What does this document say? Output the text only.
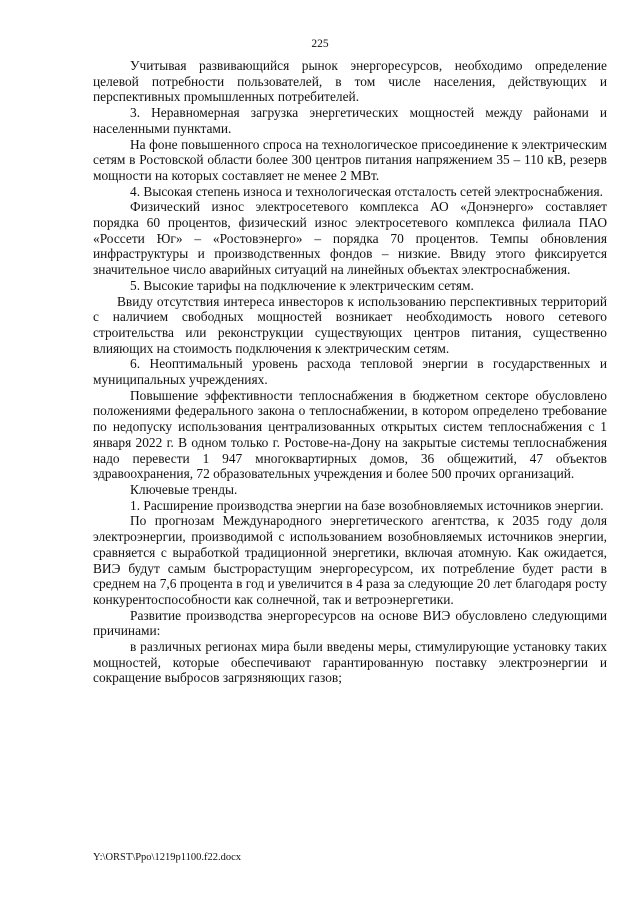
225

Учитывая развивающийся рынок энергоресурсов, необходимо определение целевой потребности пользователей, в том числе населения, действующих и перспективных промышленных потребителей.

3. Неравномерная загрузка энергетических мощностей между районами и населенными пунктами.

На фоне повышенного спроса на технологическое присоединение к электрическим сетям в Ростовской области более 300 центров питания напряжением 35 – 110 кВ, резерв мощности на которых составляет не менее 2 МВт.

4. Высокая степень износа и технологическая отсталость сетей электроснабжения.

Физический износ электросетевого комплекса АО «Донэнерго» составляет порядка 60 процентов, физический износ электросетевого комплекса филиала ПАО «Россети Юг» – «Ростовэнерго» – порядка 70 процентов. Темпы обновления инфраструктуры и производственных фондов – низкие. Ввиду этого фиксируется значительное число аварийных ситуаций на линейных объектах электроснабжения.

5. Высокие тарифы на подключение к электрическим сетям.

Ввиду отсутствия интереса инвесторов к использованию перспективных территорий с наличием свободных мощностей возникает необходимость нового сетевого строительства или реконструкции существующих центров питания, существенно влияющих на стоимость подключения к электрическим сетям.

6. Неоптимальный уровень расхода тепловой энергии в государственных и муниципальных учреждениях.

Повышение эффективности теплоснабжения в бюджетном секторе обусловлено положениями федерального закона о теплоснабжении, в котором определено требование по недопуску использования централизованных открытых систем теплоснабжения с 1 января 2022 г. В одном только г. Ростове-на-Дону на закрытые системы теплоснабжения надо перевести 1 947 многоквартирных домов, 36 общежитий, 47 объектов здравоохранения, 72 образовательных учреждения и более 500 прочих организаций.

Ключевые тренды.

1. Расширение производства энергии на базе возобновляемых источников энергии.

По прогнозам Международного энергетического агентства, к 2035 году доля электроэнергии, производимой с использованием возобновляемых источников энергии, сравняется с выработкой традиционной энергетики, включая атомную. Как ожидается, ВИЭ будут самым быстрорастущим энергоресурсом, их потребление будет расти в среднем на 7,6 процента в год и увеличится в 4 раза за следующие 20 лет благодаря росту конкурентоспособности как солнечной, так и ветроэнергетики.

Развитие производства энергоресурсов на основе ВИЭ обусловлено следующими причинами:

в различных регионах мира были введены меры, стимулирующие установку таких мощностей, которые обеспечивают гарантированную поставку электроэнергии и сокращение выбросов загрязняющих газов;

Y:\ORST\Ppo\1219p1100.f22.docx
